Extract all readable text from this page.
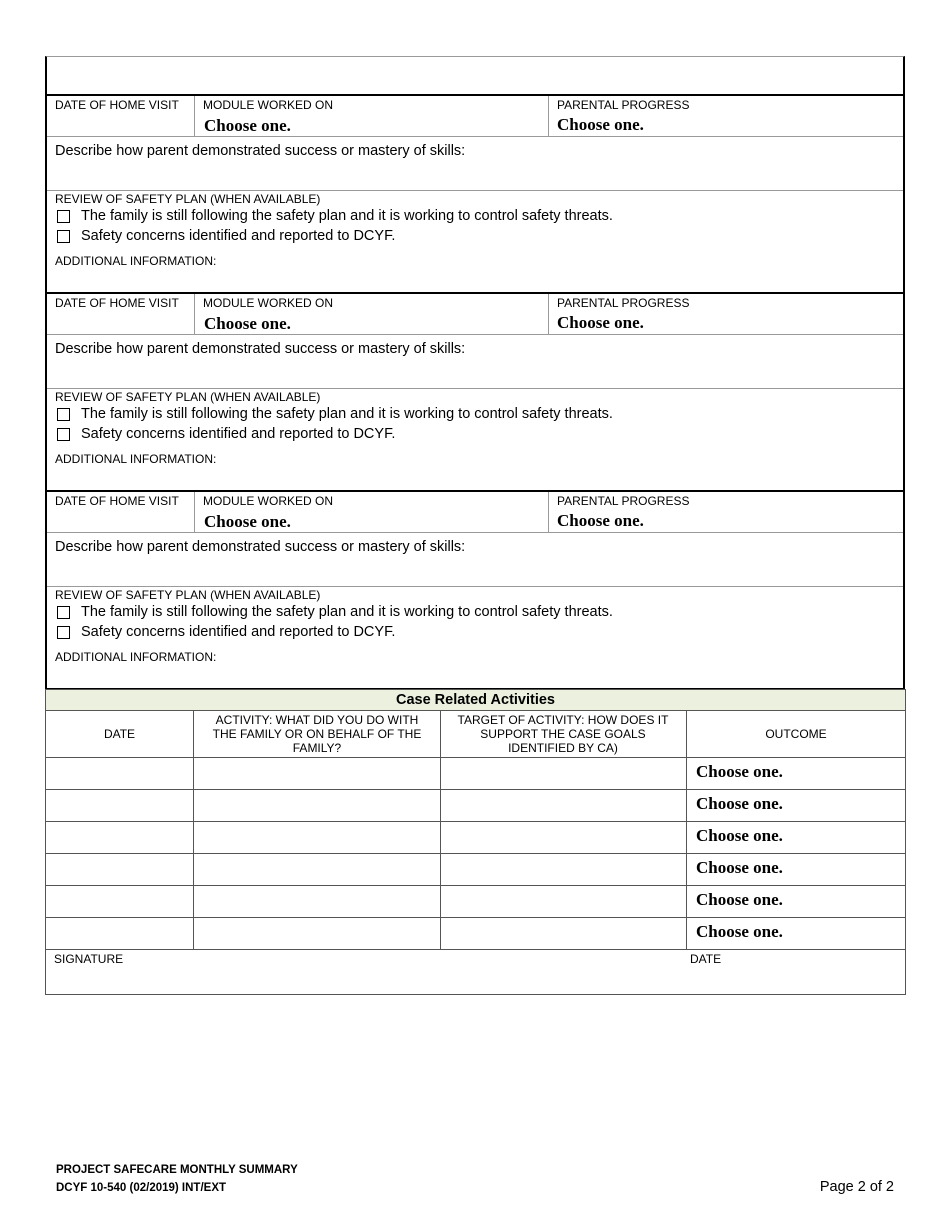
DATE OF HOME VISIT MODULE WORKED ON
Choose one.
PARENTAL PROGRESS
Choose one.
Describe how parent demonstrated success or mastery of skills:
REVIEW OF SAFETY PLAN (WHEN AVAILABLE)
The family is still following the safety plan and it is working to control safety threats.
Safety concerns identified and reported to DCYF.
ADDITIONAL INFORMATION:
DATE OF HOME VISIT MODULE WORKED ON
Choose one.
PARENTAL PROGRESS
Choose one.
Describe how parent demonstrated success or mastery of skills:
REVIEW OF SAFETY PLAN (WHEN AVAILABLE)
The family is still following the safety plan and it is working to control safety threats.
Safety concerns identified and reported to DCYF.
ADDITIONAL INFORMATION:
DATE OF HOME VISIT MODULE WORKED ON
Choose one.
PARENTAL PROGRESS
Choose one.
Describe how parent demonstrated success or mastery of skills:
REVIEW OF SAFETY PLAN (WHEN AVAILABLE)
The family is still following the safety plan and it is working to control safety threats.
Safety concerns identified and reported to DCYF.
ADDITIONAL INFORMATION:
Case Related Activities
DATE
ACTIVITY: WHAT DID YOU DO WITH THE FAMILY OR ON BEHALF OF THE FAMILY?
TARGET OF ACTIVITY: HOW DOES IT SUPPORT THE CASE GOALS IDENTIFIED BY CA)
OUTCOME
Choose one.
Choose one.
Choose one.
Choose one.
Choose one.
Choose one.
SIGNATURE	DATE
PROJECT SAFECARE MONTHLY SUMMARY
DCYF 10-540 (02/2019) INT/EXT	Page 2 of 2
